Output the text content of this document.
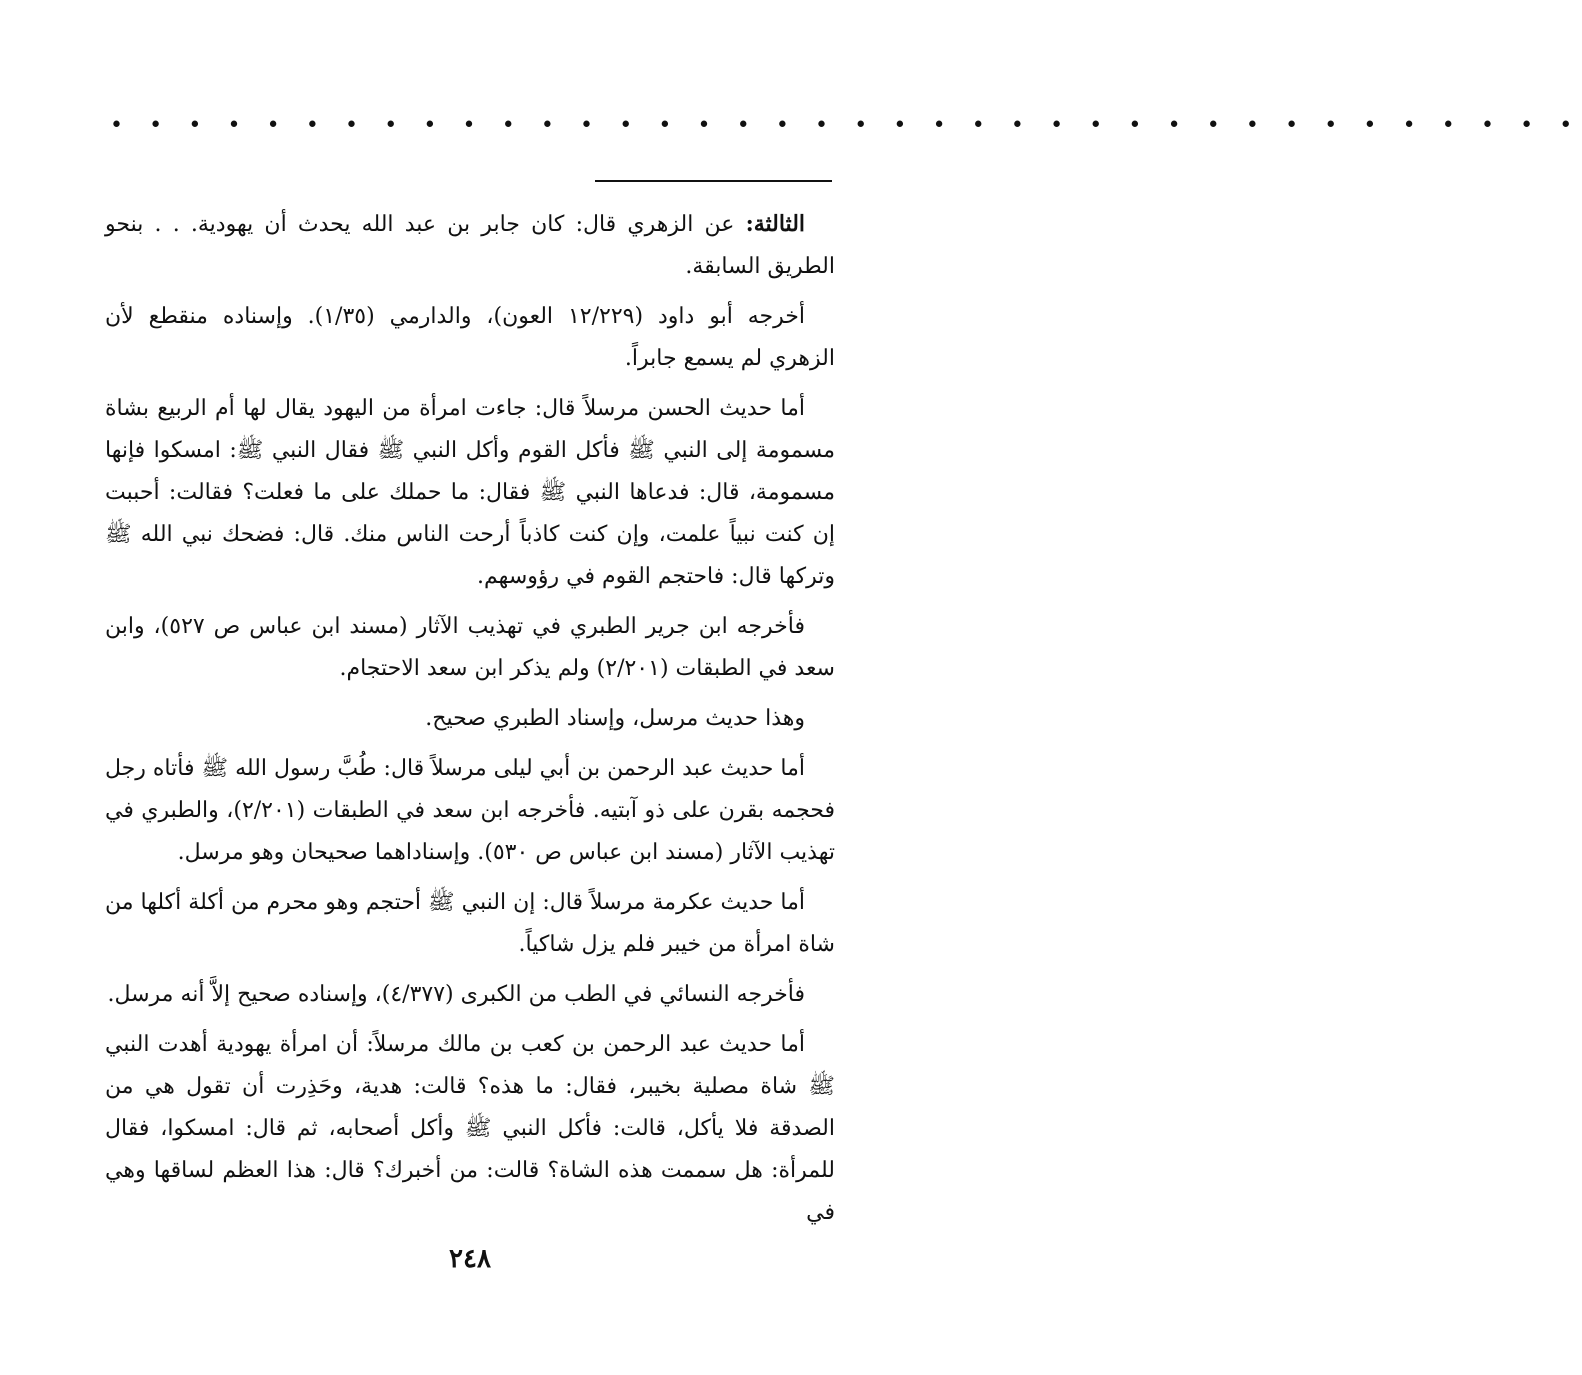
• • • • • • • • • • • • • • • • • • • • • • • • • • • • • • • • • • • • • •

الثالثة: عن الزهري قال: كان جابر بن عبد الله يحدث أن يهودية. . . بنحو الطريق السابقة.

أخرجه أبو داود (١٢/٢٢٩ العون)، والدارمي (١/٣٥). وإسناده منقطع لأن الزهري لم يسمع جابراً.

أما حديث الحسن مرسلاً قال: جاءت امرأة من اليهود يقال لها أم الربيع بشاة مسمومة إلى النبي ﷺ فأكل القوم وأكل النبي ﷺ فقال النبي ﷺ: امسكوا فإنها مسمومة، قال: فدعاها النبي ﷺ فقال: ما حملك على ما فعلت؟ فقالت: أحببت إن كنت نبياً علمت، وإن كنت كاذباً أرحت الناس منك. قال: فضحك نبي الله ﷺ وتركها قال: فاحتجم القوم في رؤوسهم.

فأخرجه ابن جرير الطبري في تهذيب الآثار (مسند ابن عباس ص ٥٢٧)، وابن سعد في الطبقات (٢/٢٠١) ولم يذكر ابن سعد الاحتجام.

وهذا حديث مرسل، وإسناد الطبري صحيح.

أما حديث عبد الرحمن بن أبي ليلى مرسلاً قال: طُبَّ رسول الله ﷺ فأتاه رجل فحجمه بقرن على ذو آبتيه. فأخرجه ابن سعد في الطبقات (٢/٢٠١)، والطبري في تهذيب الآثار (مسند ابن عباس ص ٥٣٠). وإسناداهما صحيحان وهو مرسل.

أما حديث عكرمة مرسلاً قال: إن النبي ﷺ أحتجم وهو محرم من أكلة أكلها من شاة امرأة من خيبر فلم يزل شاكياً.

فأخرجه النسائي في الطب من الكبرى (٤/٣٧٧)، وإسناده صحيح إلاَّ أنه مرسل.

أما حديث عبد الرحمن بن كعب بن مالك مرسلاً: أن امرأة يهودية أهدت النبي ﷺ شاة مصلية بخيبر، فقال: ما هذه؟ قالت: هدية، وحَذِرت أن تقول هي من الصدقة فلا يأكل، قالت: فأكل النبي ﷺ وأكل أصحابه، ثم قال: امسكوا، فقال للمرأة: هل سممت هذه الشاة؟ قالت: من أخبرك؟ قال: هذا العظم لساقها وهي في

٢٤٨
